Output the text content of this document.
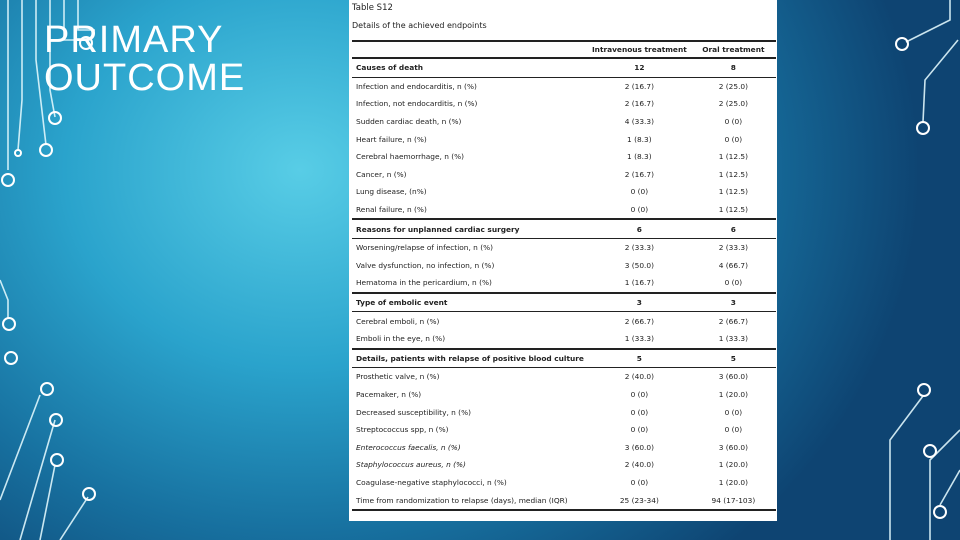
PRIMARY
OUTCOME
Table S12
Details of the achieved endpoints
	Intravenous treatment	Oral treatment
Causes of death	12	8
Infection and endocarditis, n (%)	2 (16.7)	2 (25.0)
Infection, not endocarditis, n (%)	2 (16.7)	2 (25.0)
Sudden cardiac death, n (%)	4 (33.3)	0 (0)
Heart failure, n (%)	1 (8.3)	0 (0)
Cerebral haemorrhage, n (%)	1 (8.3)	1 (12.5)
Cancer, n (%)	2 (16.7)	1 (12.5)
Lung disease, (n%)	0 (0)	1 (12.5)
Renal failure, n (%)	0 (0)	1 (12.5)
Reasons for unplanned cardiac surgery	6	6
Worsening/relapse of infection, n (%)	2 (33.3)	2 (33.3)
Valve dysfunction, no infection, n (%)	3 (50.0)	4 (66.7)
Hematoma in the pericardium, n (%)	1 (16.7)	0 (0)
Type of embolic event	3	3
Cerebral emboli, n (%)	2 (66.7)	2 (66.7)
Emboli in the eye, n (%)	1 (33.3)	1 (33.3)
Details, patients with relapse of positive blood culture	5	5
Prosthetic valve, n (%)	2 (40.0)	3 (60.0)
Pacemaker, n (%)	0 (0)	1 (20.0)
Decreased susceptibility, n (%)	0 (0)	0 (0)
Streptococcus spp, n (%)	0 (0)	0 (0)
Enterococcus faecalis, n (%)	3 (60.0)	3 (60.0)
Staphylococcus aureus, n (%)	2 (40.0)	1 (20.0)
Coagulase-negative staphylococci, n (%)	0 (0)	1 (20.0)
Time from randomization to relapse (days), median (IQR)	25 (23-34)	94 (17-103)
